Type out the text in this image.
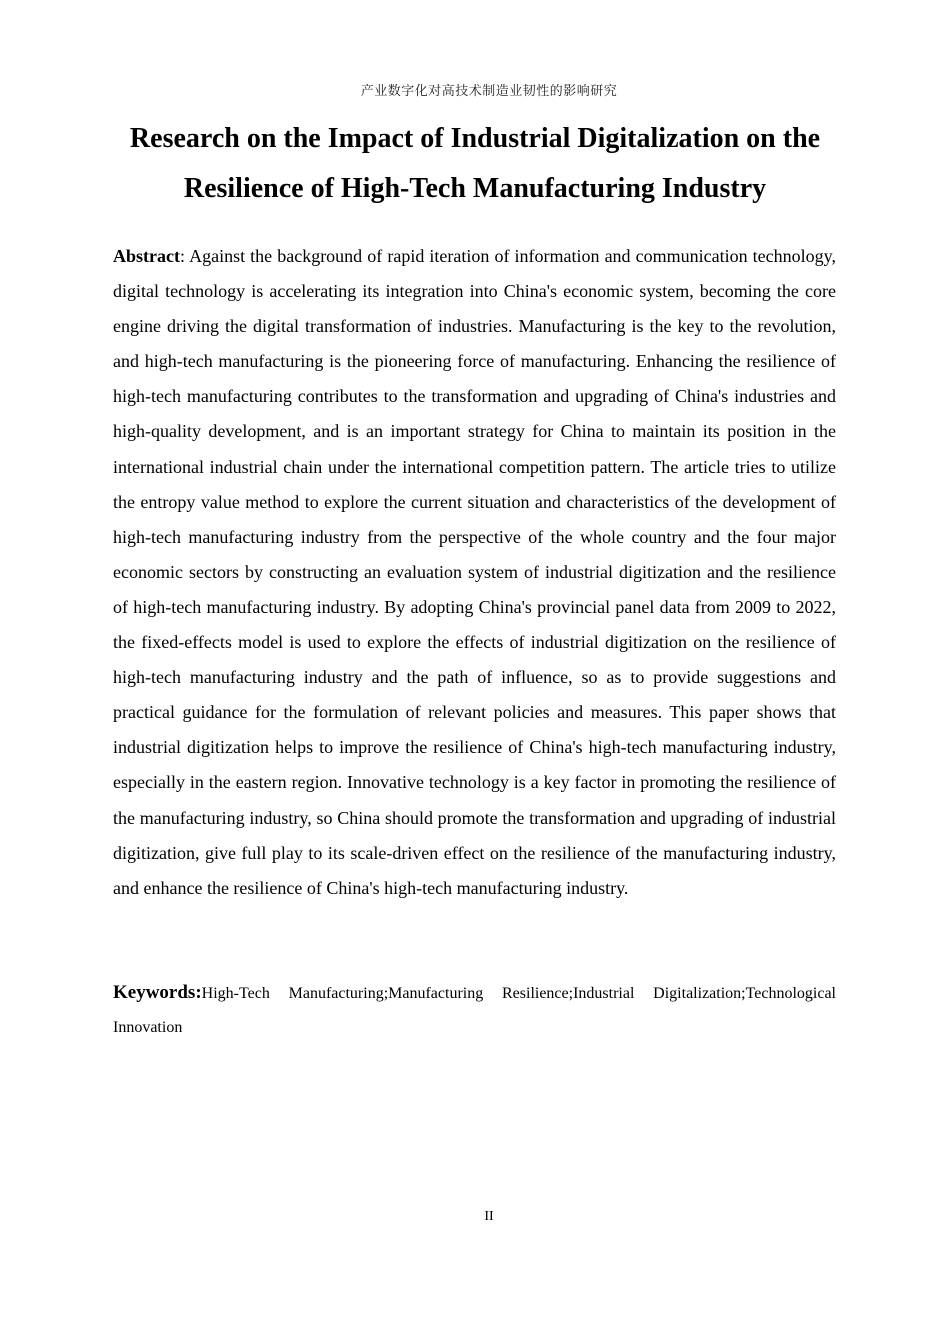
产业数字化对高技术制造业韧性的影响研究
Research on the Impact of Industrial Digitalization on the Resilience of High-Tech Manufacturing Industry

Abstract: Against the background of rapid iteration of information and communication technology, digital technology is accelerating its integration into China's economic system, becoming the core engine driving the digital transformation of industries. Manufacturing is the key to the revolution, and high-tech manufacturing is the pioneering force of manufacturing. Enhancing the resilience of high-tech manufacturing contributes to the transformation and upgrading of China's industries and high-quality development, and is an important strategy for China to maintain its position in the international industrial chain under the international competition pattern. The article tries to utilize the entropy value method to explore the current situation and characteristics of the development of high-tech manufacturing industry from the perspective of the whole country and the four major economic sectors by constructing an evaluation system of industrial digitization and the resilience of high-tech manufacturing industry. By adopting China's provincial panel data from 2009 to 2022, the fixed-effects model is used to explore the effects of industrial digitization on the resilience of high-tech manufacturing industry and the path of influence, so as to provide suggestions and practical guidance for the formulation of relevant policies and measures. This paper shows that industrial digitization helps to improve the resilience of China's high-tech manufacturing industry, especially in the eastern region. Innovative technology is a key factor in promoting the resilience of the manufacturing industry, so China should promote the transformation and upgrading of industrial digitization, give full play to its scale-driven effect on the resilience of the manufacturing industry, and enhance the resilience of China's high-tech manufacturing industry.

Keywords:High-Tech Manufacturing;Manufacturing Resilience;Industrial Digitalization;Technological Innovation

II
